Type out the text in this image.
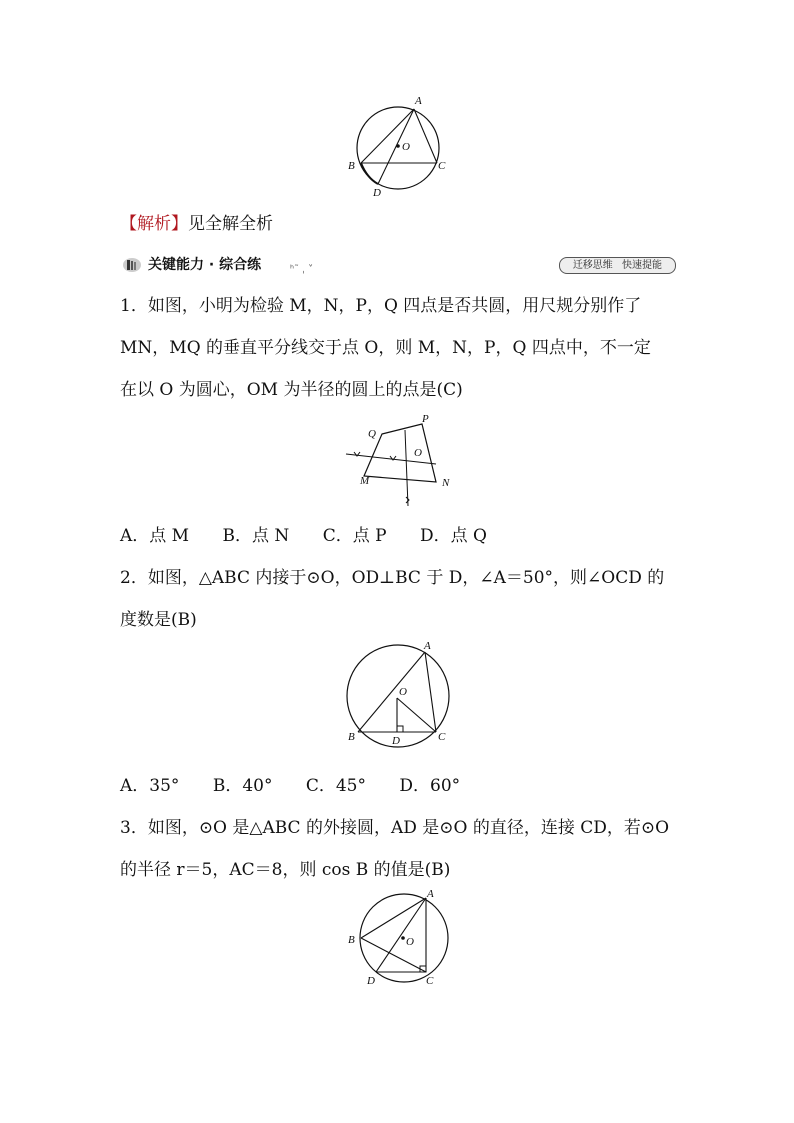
A
O
B	C
D
【解析】见全解全析
关键能力 · 综合练	ʰ˜ ˌ ˅	迁移思维 快速提能
1．如图，小明为检验 M，N，P，Q 四点是否共圆，用尺规分别作了
MN，MQ 的垂直平分线交于点 O，则 M，N，P，Q 四点中，不一定
在以 O 为圆心，OM 为半径的圆上的点是(C)
Q
P
O
M	N
A．点 M B．点 N C．点 P D．点 Q
2．如图，△ABC 内接于⊙O，OD⊥BC 于 D，∠A＝50°，则∠OCD 的
度数是(B)
A
O
B	D	C
A．35° B．40° C．45° D．60°
3．如图，⊙O 是△ABC 的外接圆，AD 是⊙O 的直径，连接 CD，若⊙O
的半径 r＝5，AC＝8，则 cos B 的值是(B)
A
B	O
D	C
